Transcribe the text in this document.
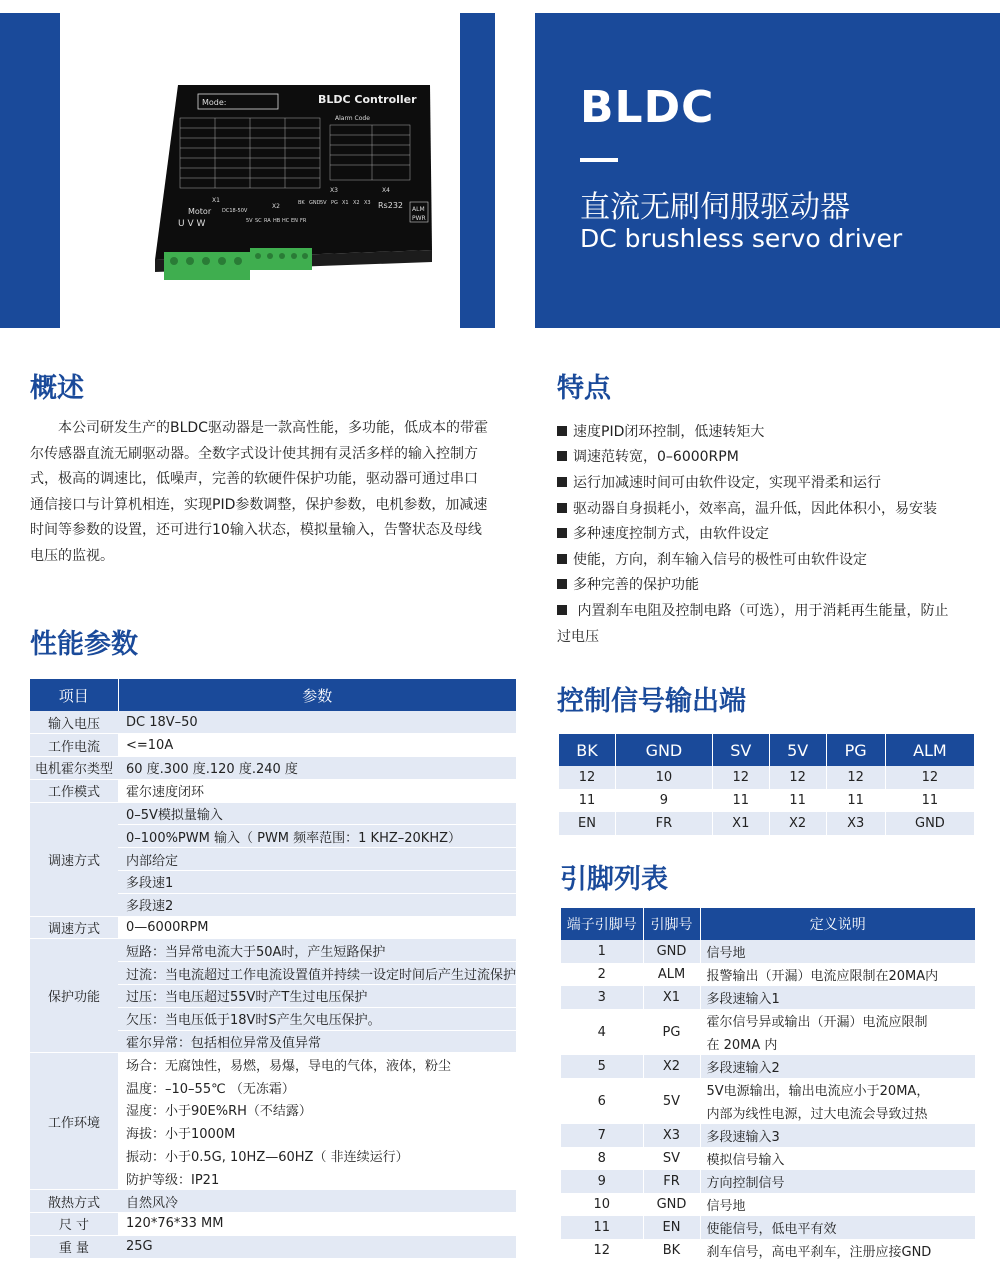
BLDC
直流无刷伺服驱动器
DC brushless servo driver
Mode:	BLDC Controller
Alarm Code
X1
X2
X3	X4
Motor
U V W
DC18-50V
Rs232 ALM
PWR
BK GND 5V PG X1 X2 X3
5V SC RA HB HC EN FR
概述
本公司研发生产的BLDC驱动器是一款高性能，多功能，低成本的带霍
尔传感器直流无刷驱动器。全数字式设计使其拥有灵活多样的输入控制方
式，极高的调速比，低噪声，完善的软硬件保护功能，驱动器可通过串口
通信接口与计算机相连，实现PID参数调整，保护参数，电机参数，加减速
时间等参数的设置，还可进行10输入状态，模拟量输入，告警状态及母线
电压的监视。
特点
速度PID闭环控制，低速转矩大
调速范转宽，0–6000RPM
运行加减速时间可由软件设定，实现平滑柔和运行
驱动器自身损耗小，效率高，温升低，因此体积小，易安装
多种速度控制方式，由软件设定
使能，方向，刹车输入信号的极性可由软件设定
多种完善的保护功能
内置刹车电阻及控制电路（可选），用于消耗再生能量，防止
过电压
性能参数
项目	参数
输入电压	DC 18V–50
工作电流	<=10A
电机霍尔类型	60 度.300 度.120 度.240 度
工作模式	霍尔速度闭环
调速方式	0–5V模拟量输入
	0–100%PWM 输入（ PWM 频率范围：1 KHZ–20KHZ）
	内部给定
	多段速1
	多段速2
调速方式	0—6000RPM
保护功能	短路：当异常电流大于50A时，产生短路保护
	过流：当电流超过工作电流设置值并持续一设定时间后产生过流保护
	过压：当电压超过55V时产T生过电压保护
	欠压：当电压低于18V时S产生欠电压保护。
	霍尔异常：包括相位异常及值异常
工作环境	场合：无腐蚀性，易燃，易爆，导电的气体，液体，粉尘
	温度：–10–55℃ （无冻霜）
	湿度：小于90E%RH（不结露）
	海拔：小于1000M
	振动：小于0.5G, 10HZ—60HZ（ 非连续运行）
	防护等级：IP21
散热方式	自然风冷
尺 寸	120*76*33 MM
重 量	25G
控制信号输出端
BK	GND	SV	5V	PG	ALM
12	10	12	12	12	12
11	9	11	11	11	11
EN	FR	X1	X2	X3	GND
引脚列表
端子引脚号	引脚号	定义说明
1	GND	信号地
2	ALM	报警输出（开漏）电流应限制在20MA内
3	X1	多段速输入1
4	PG	霍尔信号异或输出（开漏）电流应限制
		在 20MA 内
5	X2	多段速输入2
6	5V	5V电源输出，输出电流应小于20MA，
		内部为线性电源，过大电流会导致过热
7	X3	多段速输入3
8	SV	模拟信号输入
9	FR	方向控制信号
10	GND	信号地
11	EN	使能信号，低电平有效
12	BK	刹车信号，高电平刹车，注册应接GND
